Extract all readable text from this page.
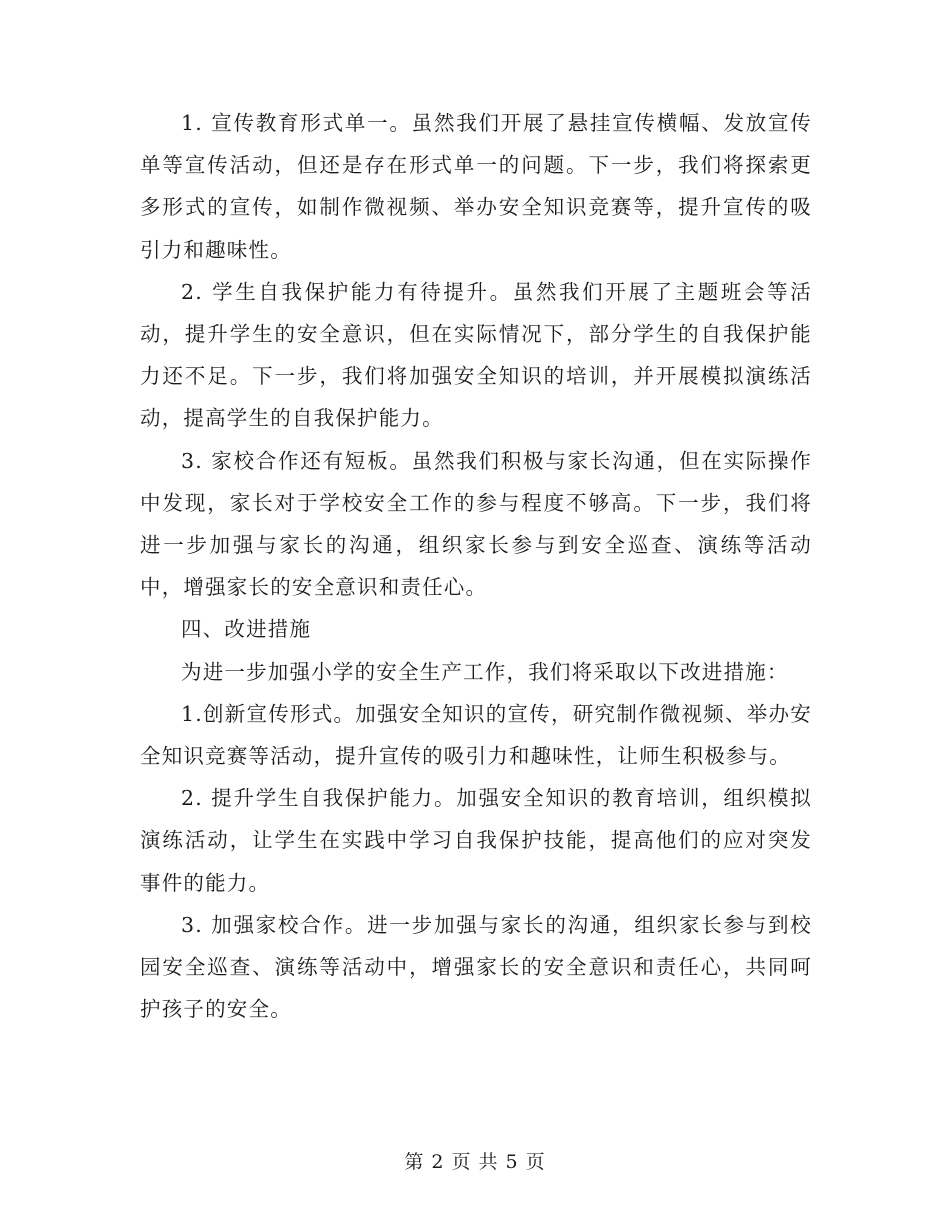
1. 宣传教育形式单一。虽然我们开展了悬挂宣传横幅、发放宣传单等宣传活动，但还是存在形式单一的问题。下一步，我们将探索更多形式的宣传，如制作微视频、举办安全知识竞赛等，提升宣传的吸引力和趣味性。

2. 学生自我保护能力有待提升。虽然我们开展了主题班会等活动，提升学生的安全意识，但在实际情况下，部分学生的自我保护能力还不足。下一步，我们将加强安全知识的培训，并开展模拟演练活动，提高学生的自我保护能力。

3. 家校合作还有短板。虽然我们积极与家长沟通，但在实际操作中发现，家长对于学校安全工作的参与程度不够高。下一步，我们将进一步加强与家长的沟通，组织家长参与到安全巡查、演练等活动中，增强家长的安全意识和责任心。

四、改进措施

为进一步加强小学的安全生产工作，我们将采取以下改进措施：

1.创新宣传形式。加强安全知识的宣传，研究制作微视频、举办安全知识竞赛等活动，提升宣传的吸引力和趣味性，让师生积极参与。

2. 提升学生自我保护能力。加强安全知识的教育培训，组织模拟演练活动，让学生在实践中学习自我保护技能，提高他们的应对突发事件的能力。

3. 加强家校合作。进一步加强与家长的沟通，组织家长参与到校园安全巡查、演练等活动中，增强家长的安全意识和责任心，共同呵护孩子的安全。

第 2 页 共 5 页
